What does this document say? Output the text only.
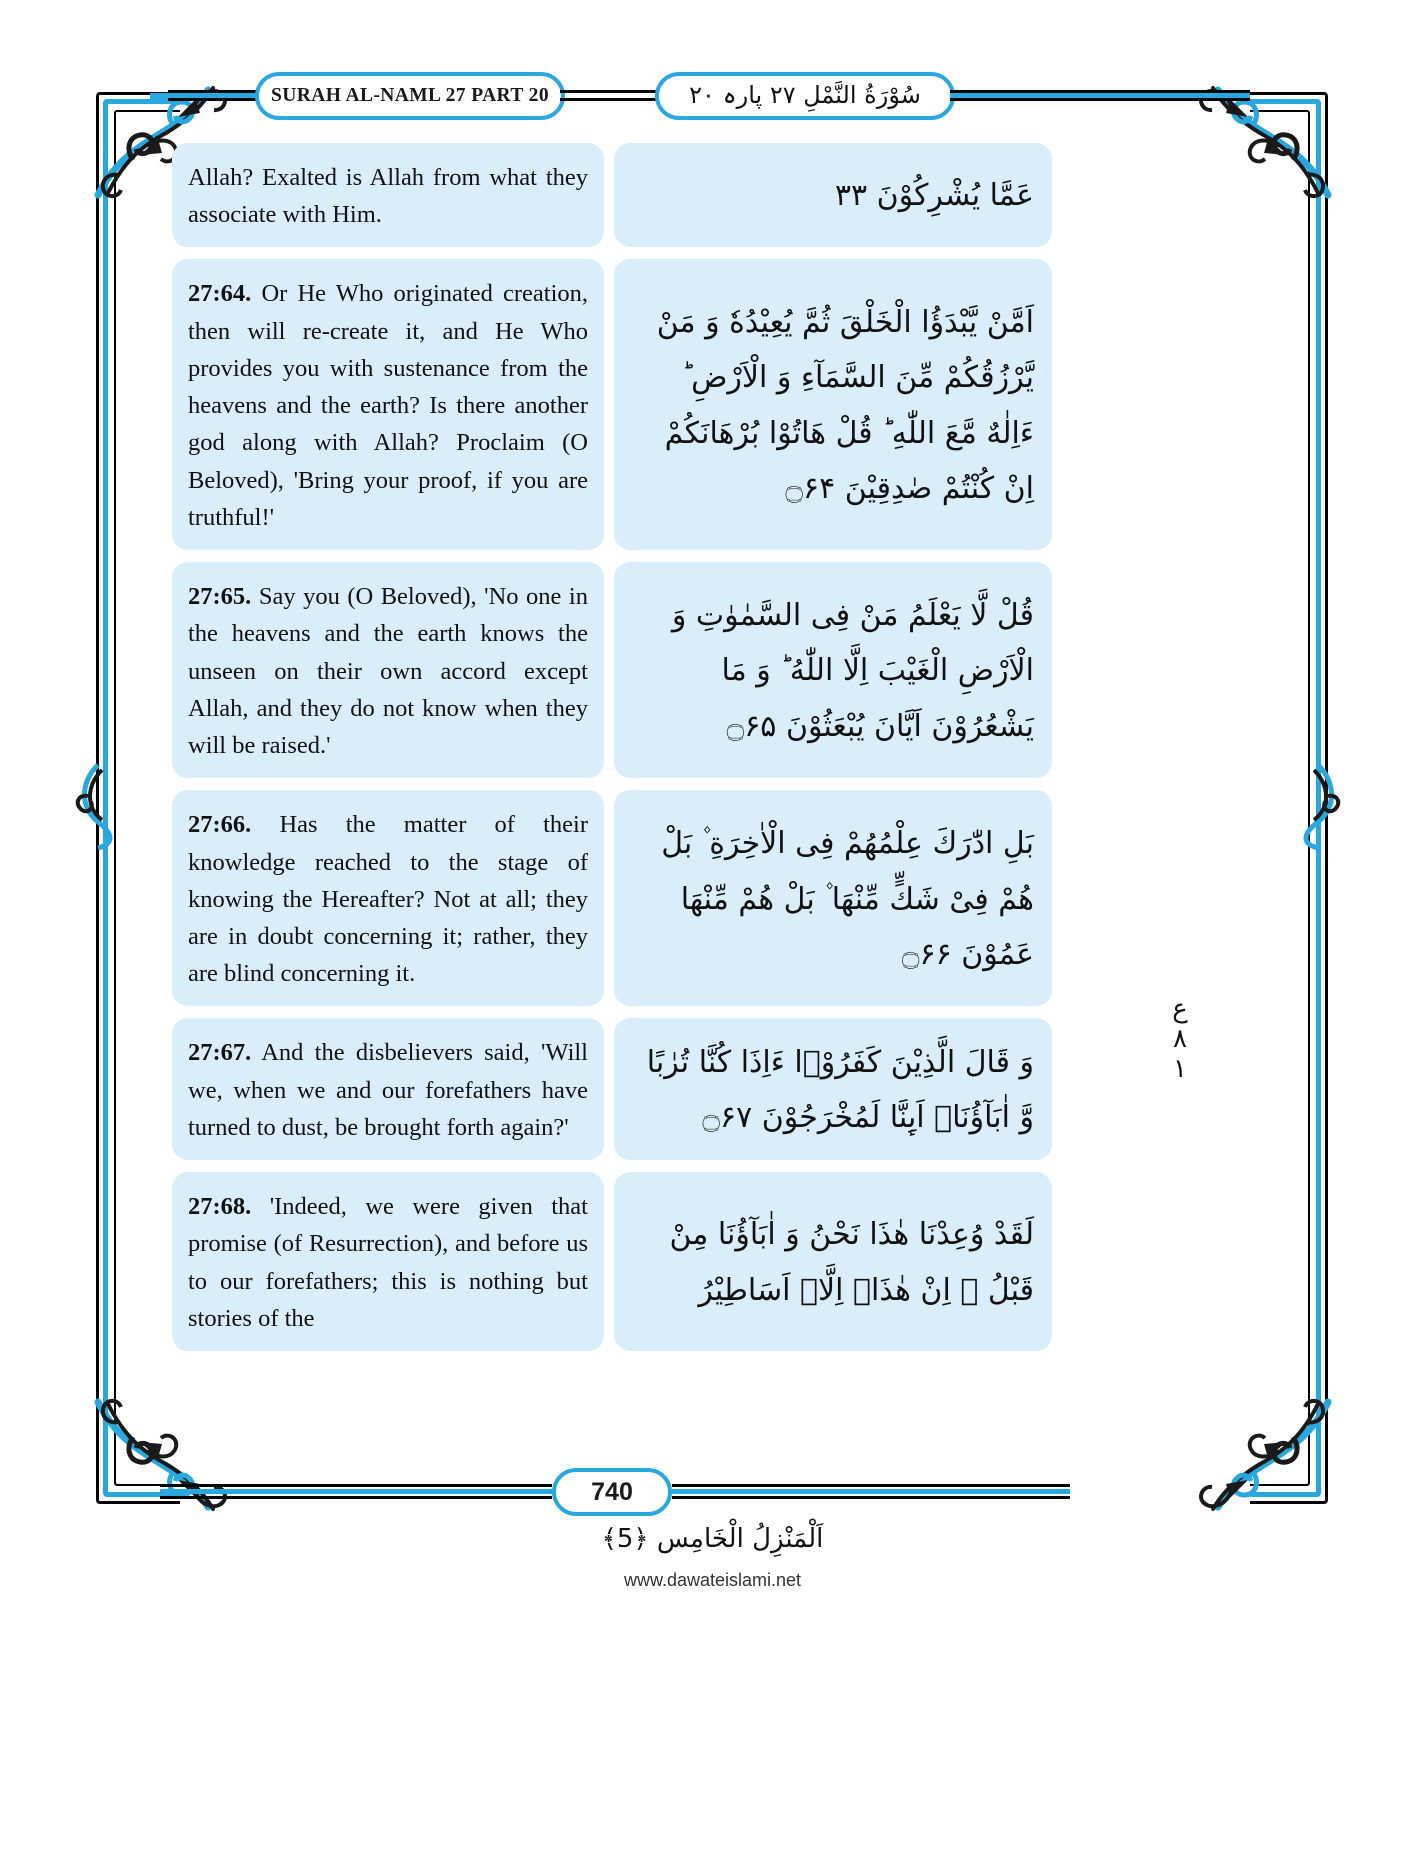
SURAH AL-NAML 27 PART 20	سُوْرَةُ النَّمْلِ ٢٧ پارہ ٢٠
Allah? Exalted is Allah from what they associate with Him.
عَمَّا یُشْرِكُوْنَ ۳۳
27:64. Or He Who originated creation, then will re-create it, and He Who provides you with sustenance from the heavens and the earth? Is there another god along with Allah? Proclaim (O Beloved), 'Bring your proof, if you are truthful!'
اَمَّنْ یَّبْدَؤُا الْخَلْقَ ثُمَّ یُعِیْدُهٗ وَ مَنْ یَّرْزُقُكُمْ مِّنَ السَّمَآءِ وَ الْاَرْضِ ؕ ءَاِلٰهٌ مَّعَ اللّٰهِ ؕ قُلْ هَاتُوْا بُرْهَانَكُمْ اِنْ كُنْتُمْ صٰدِقِیْنَ ۝۶۴
27:65. Say you (O Beloved), 'No one in the heavens and the earth knows the unseen on their own accord except Allah, and they do not know when they will be raised.'
قُلْ لَّا یَعْلَمُ مَنْ فِی السَّمٰوٰتِ وَ الْاَرْضِ الْغَیْبَ اِلَّا اللّٰهُ ؕ وَ مَا یَشْعُرُوْنَ اَیَّانَ یُبْعَثُوْنَ ۝۶۵
27:66. Has the matter of their knowledge reached to the stage of knowing the Hereafter? Not at all; they are in doubt concerning it; rather, they are blind concerning it.
بَلِ ادّٰرَكَ عِلْمُهُمْ فِی الْاٰخِرَةِ ۫ بَلْ هُمْ فِیْ شَكٍّ مِّنْهَا ۫ بَلْ هُمْ مِّنْهَا عَمُوْنَ ۝۶۶
27:67. And the disbelievers said, 'Will we, when we and our forefathers have turned to dust, be brought forth again?'
وَ قَالَ الَّذِیْنَ كَفَرُوْۤا ءَاِذَا كُنَّا تُرٰبًا وَّ اٰبَآؤُنَاۤ اَىِٕنَّا لَمُخْرَجُوْنَ ۝۶۷
27:68. 'Indeed, we were given that promise (of Resurrection), and before us to our forefathers; this is nothing but stories of the
لَقَدْ وُعِدْنَا هٰذَا نَحْنُ وَ اٰبَآؤُنَا مِنْ قَبْلُ ۙ اِنْ هٰذَاۤ اِلَّاۤ اَسَاطِیْرُ
ع
٨
١
740
اَلْمَنْزِلُ الْخَامِس ﴿5﴾
www.dawateislami.net
